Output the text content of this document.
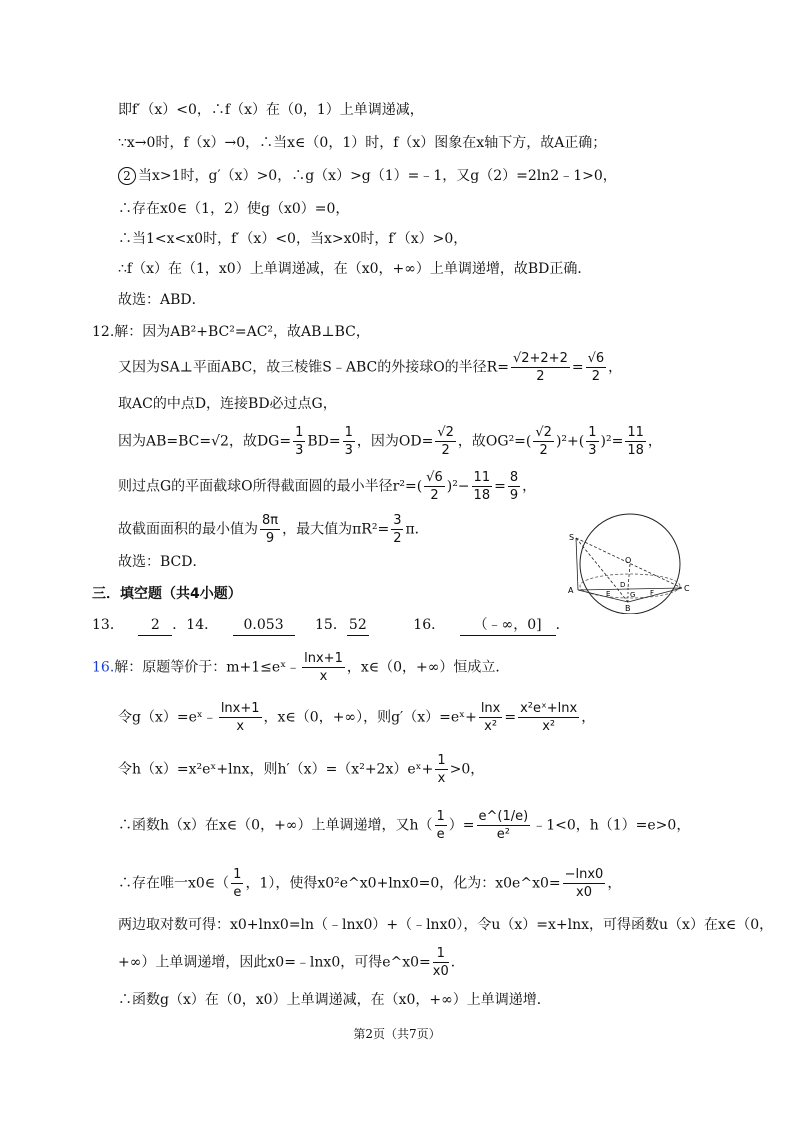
即f′（x）<0，∴f（x）在（0，1）上单调递减，
∵x→0时，f（x）→0，∴当x∈（0，1）时，f（x）图象在x轴下方，故A正确；
2 当x>1时，g′（x）>0，∴g（x）>g（1）=﹣1，又g（2）=2ln2﹣1>0，
∴存在x0∈（1，2）使g（x0）=0，
∴当1<x<x0时，f′（x）<0，当x>x0时，f′（x）>0，
∴f（x）在（1，x0）上单调递减，在（x0，+∞）上单调递增，故BD正确．
故选：ABD．
12.解：因为AB²+BC²=AC²，故AB⊥BC，
又因为SA⊥平面ABC，故三棱锥S﹣ABC的外接球O的半径$R= \frac{√2+2+2}{2} = \frac{√6}{2}$ ，
取AC的中点D，连接BD必过点G，
因为AB=BC=√2，故$DG= \frac{1}{3} BD= \frac{1}{3}$ ，因为$OD= \frac{√2}{2}$ ，故$OG^2=( \frac{√2}{2} )^2+( \frac{1}{3} )^2= \frac{11}{18}$ ，
则过点G的平面截球O所得截面圆的最小半径$r^2=( \frac{√6}{2} )^2- \frac{11}{18} = \frac{8}{9}$ ，
故截面面积的最小值为 $\frac{8\pi}{9}$ ，最大值为$\pi R^2= \frac{3}{2}$ π．
故选：BCD．
S
O
A	C
B
D
E	F
G
三．填空题（共4小题）
13． 2 ．14． 0.053 15． 52	16． （﹣∞，0] ．
16.解：原题等价于：m+1≤eˣ﹣ $\frac{\ln x+1}{x}$ ，x∈（0，+∞）恒成立．
令g（x）=eˣ﹣ $\frac{\ln x+1}{x}$ ，x∈（0，+∞），则g′（x）=eˣ+ $\frac{\ln x}{\text{x²}} = \frac{\text{x²eˣ+lnx}}{\text{x²}}$ ，
令h（x）=x²eˣ+lnx，则h′（x）=（x²+2x）eˣ+ $\frac{1}{x} >0$，
∴函数h（x）在x∈（0，+∞）上单调递增，又$h( \frac{1}{e}$ ）= $\frac{e\^{}(1/e)}{\text{e²}}$ ﹣1<0，h（1）=e>0，
∴存在唯一x0∈（ $\frac{1}{e}$ ，1），使得x0²e^x0+lnx0=0，化为：x0e^x0= $\frac{-\ln x0}{x0}$ ，
两边取对数可得：x0+lnx0=ln（﹣lnx0）+（﹣lnx0），令u（x）=x+lnx，可得函数u（x）在x∈（0，
+∞）上单调递增，因此x0=﹣lnx0，可得e^x0= $\frac{1}{x0}$ ．
∴函数g（x）在（0，x0）上单调递减，在（x0，+∞）上单调递增．
第2页（共7页）
